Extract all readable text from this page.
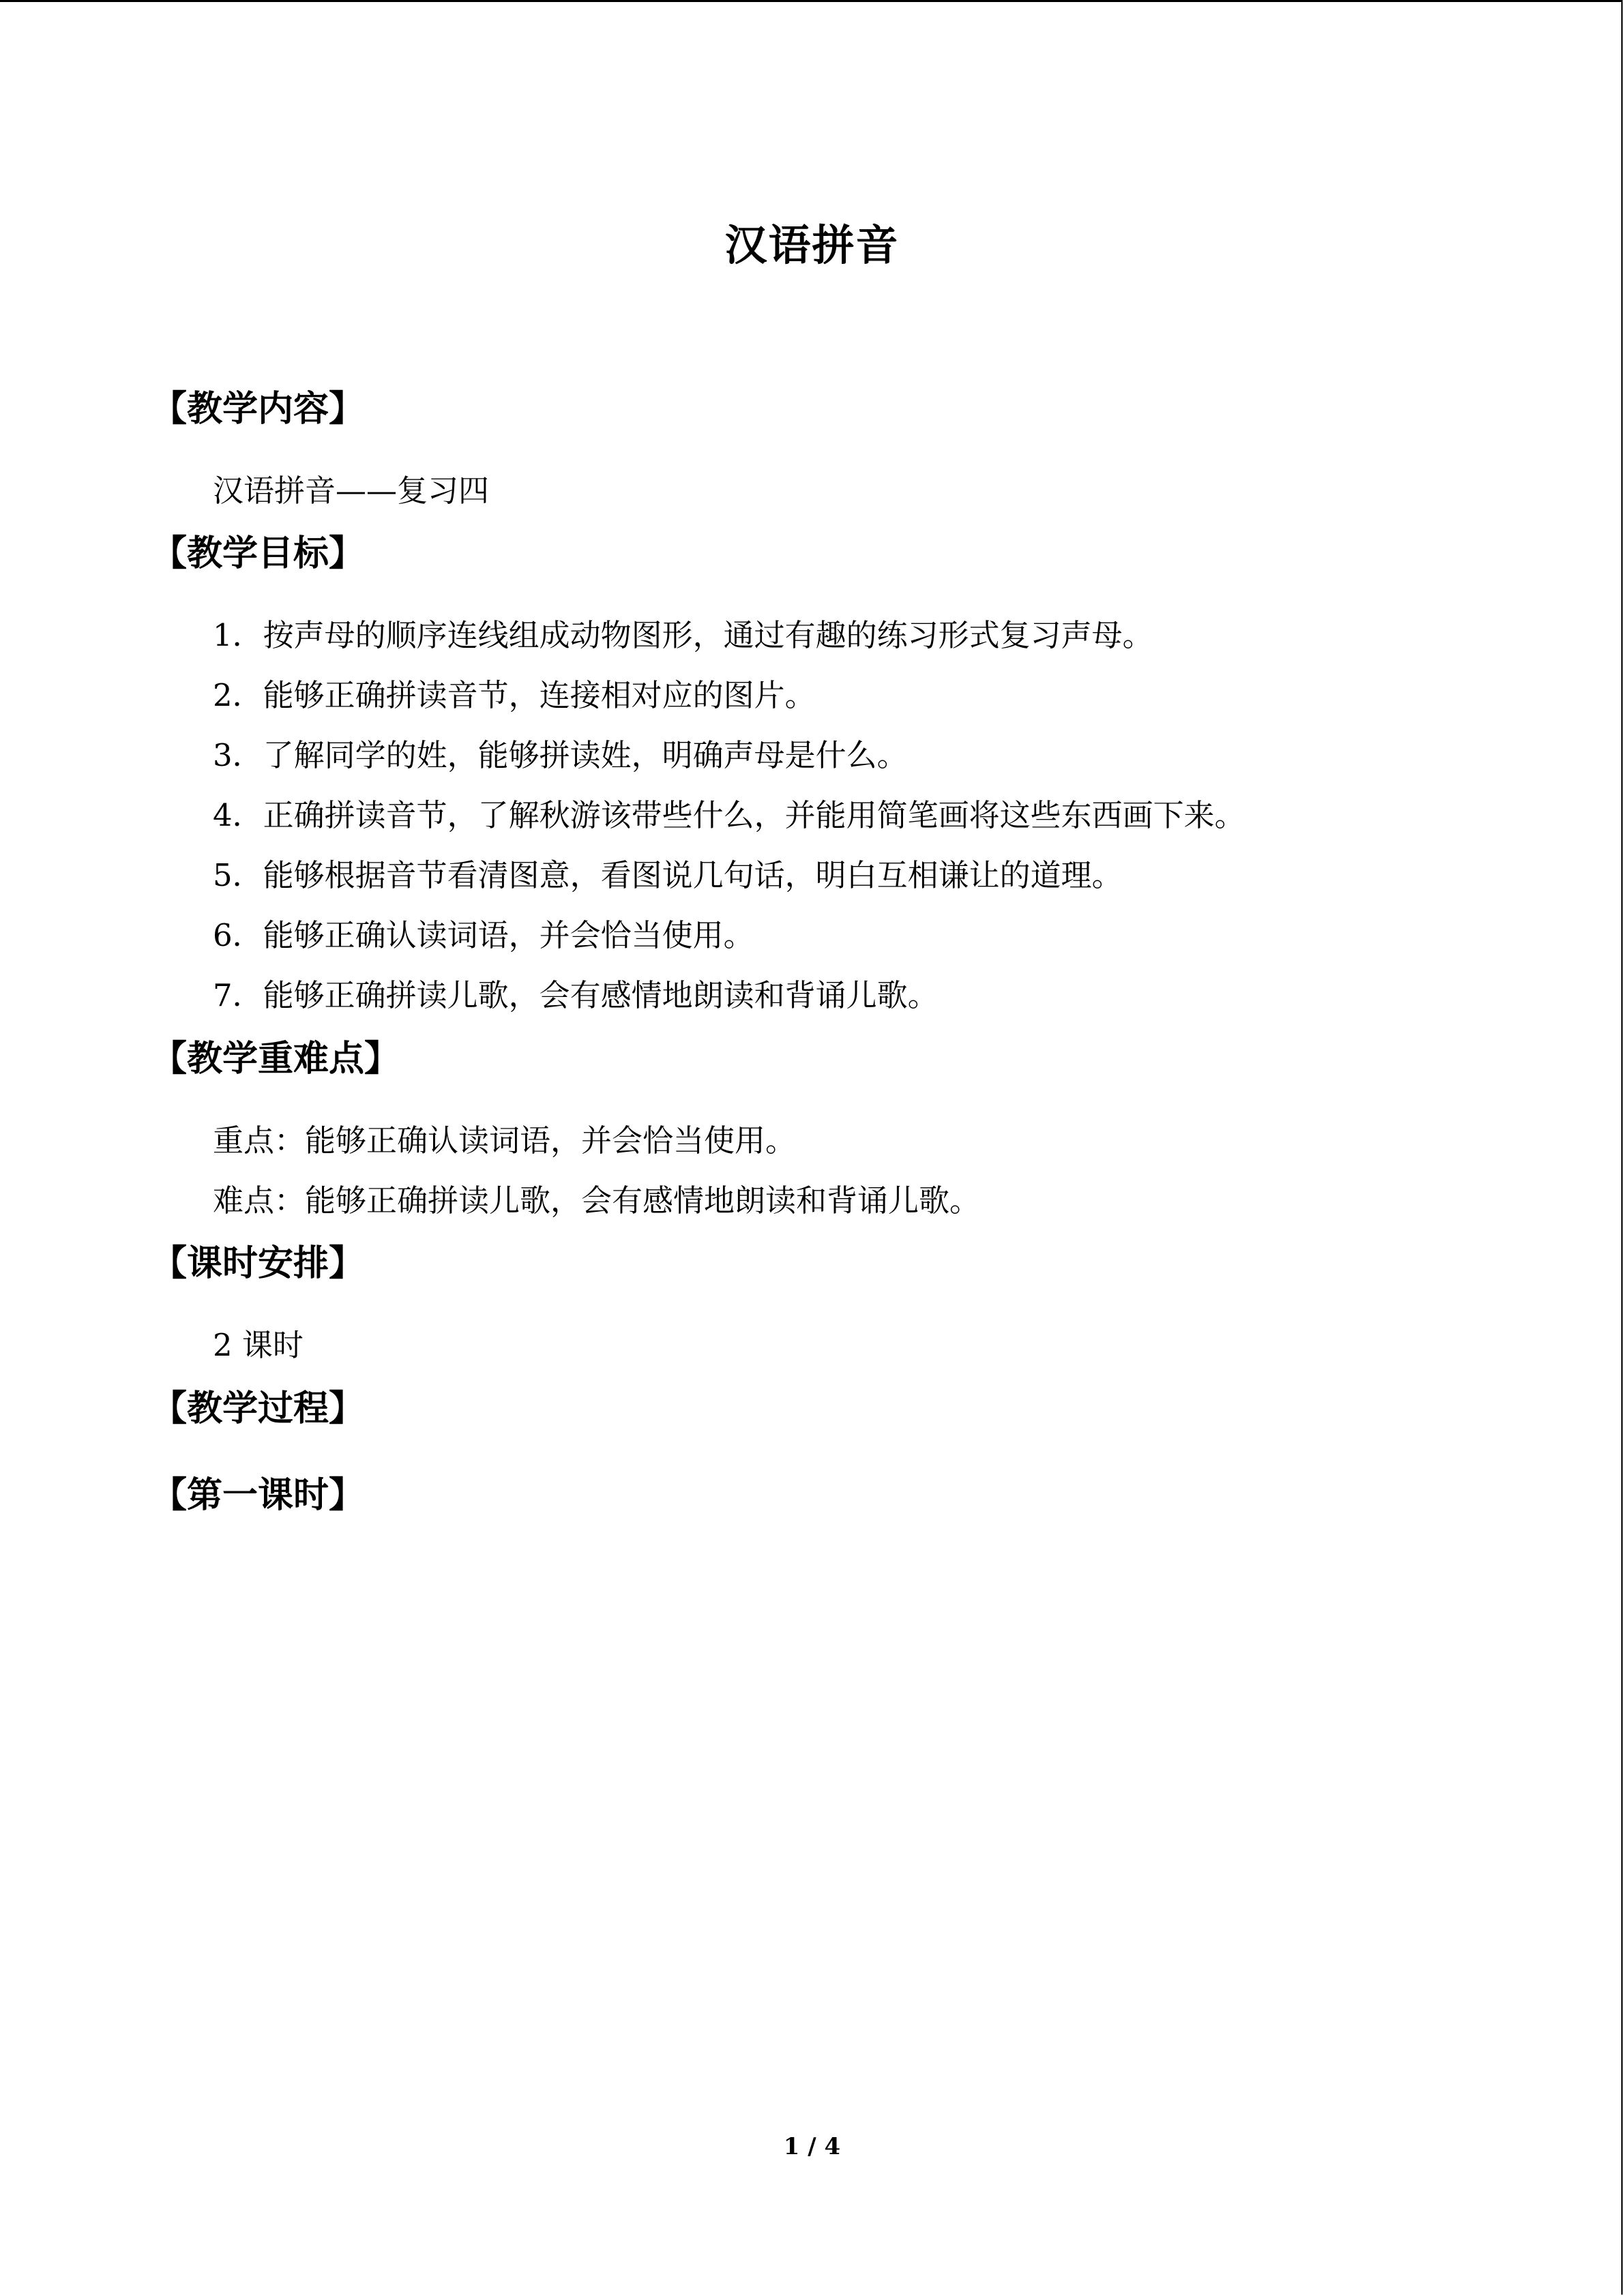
汉语拼音
【教学内容】
汉语拼音——复习四
【教学目标】
1．按声母的顺序连线组成动物图形，通过有趣的练习形式复习声母。
2．能够正确拼读音节，连接相对应的图片。
3．了解同学的姓，能够拼读姓，明确声母是什么。
4．正确拼读音节，了解秋游该带些什么，并能用简笔画将这些东西画下来。
5．能够根据音节看清图意，看图说几句话，明白互相谦让的道理。
6．能够正确认读词语，并会恰当使用。
7．能够正确拼读儿歌，会有感情地朗读和背诵儿歌。
【教学重难点】
重点：能够正确认读词语，并会恰当使用。
难点：能够正确拼读儿歌，会有感情地朗读和背诵儿歌。
【课时安排】
2 课时
【教学过程】
【第一课时】
1 / 4
